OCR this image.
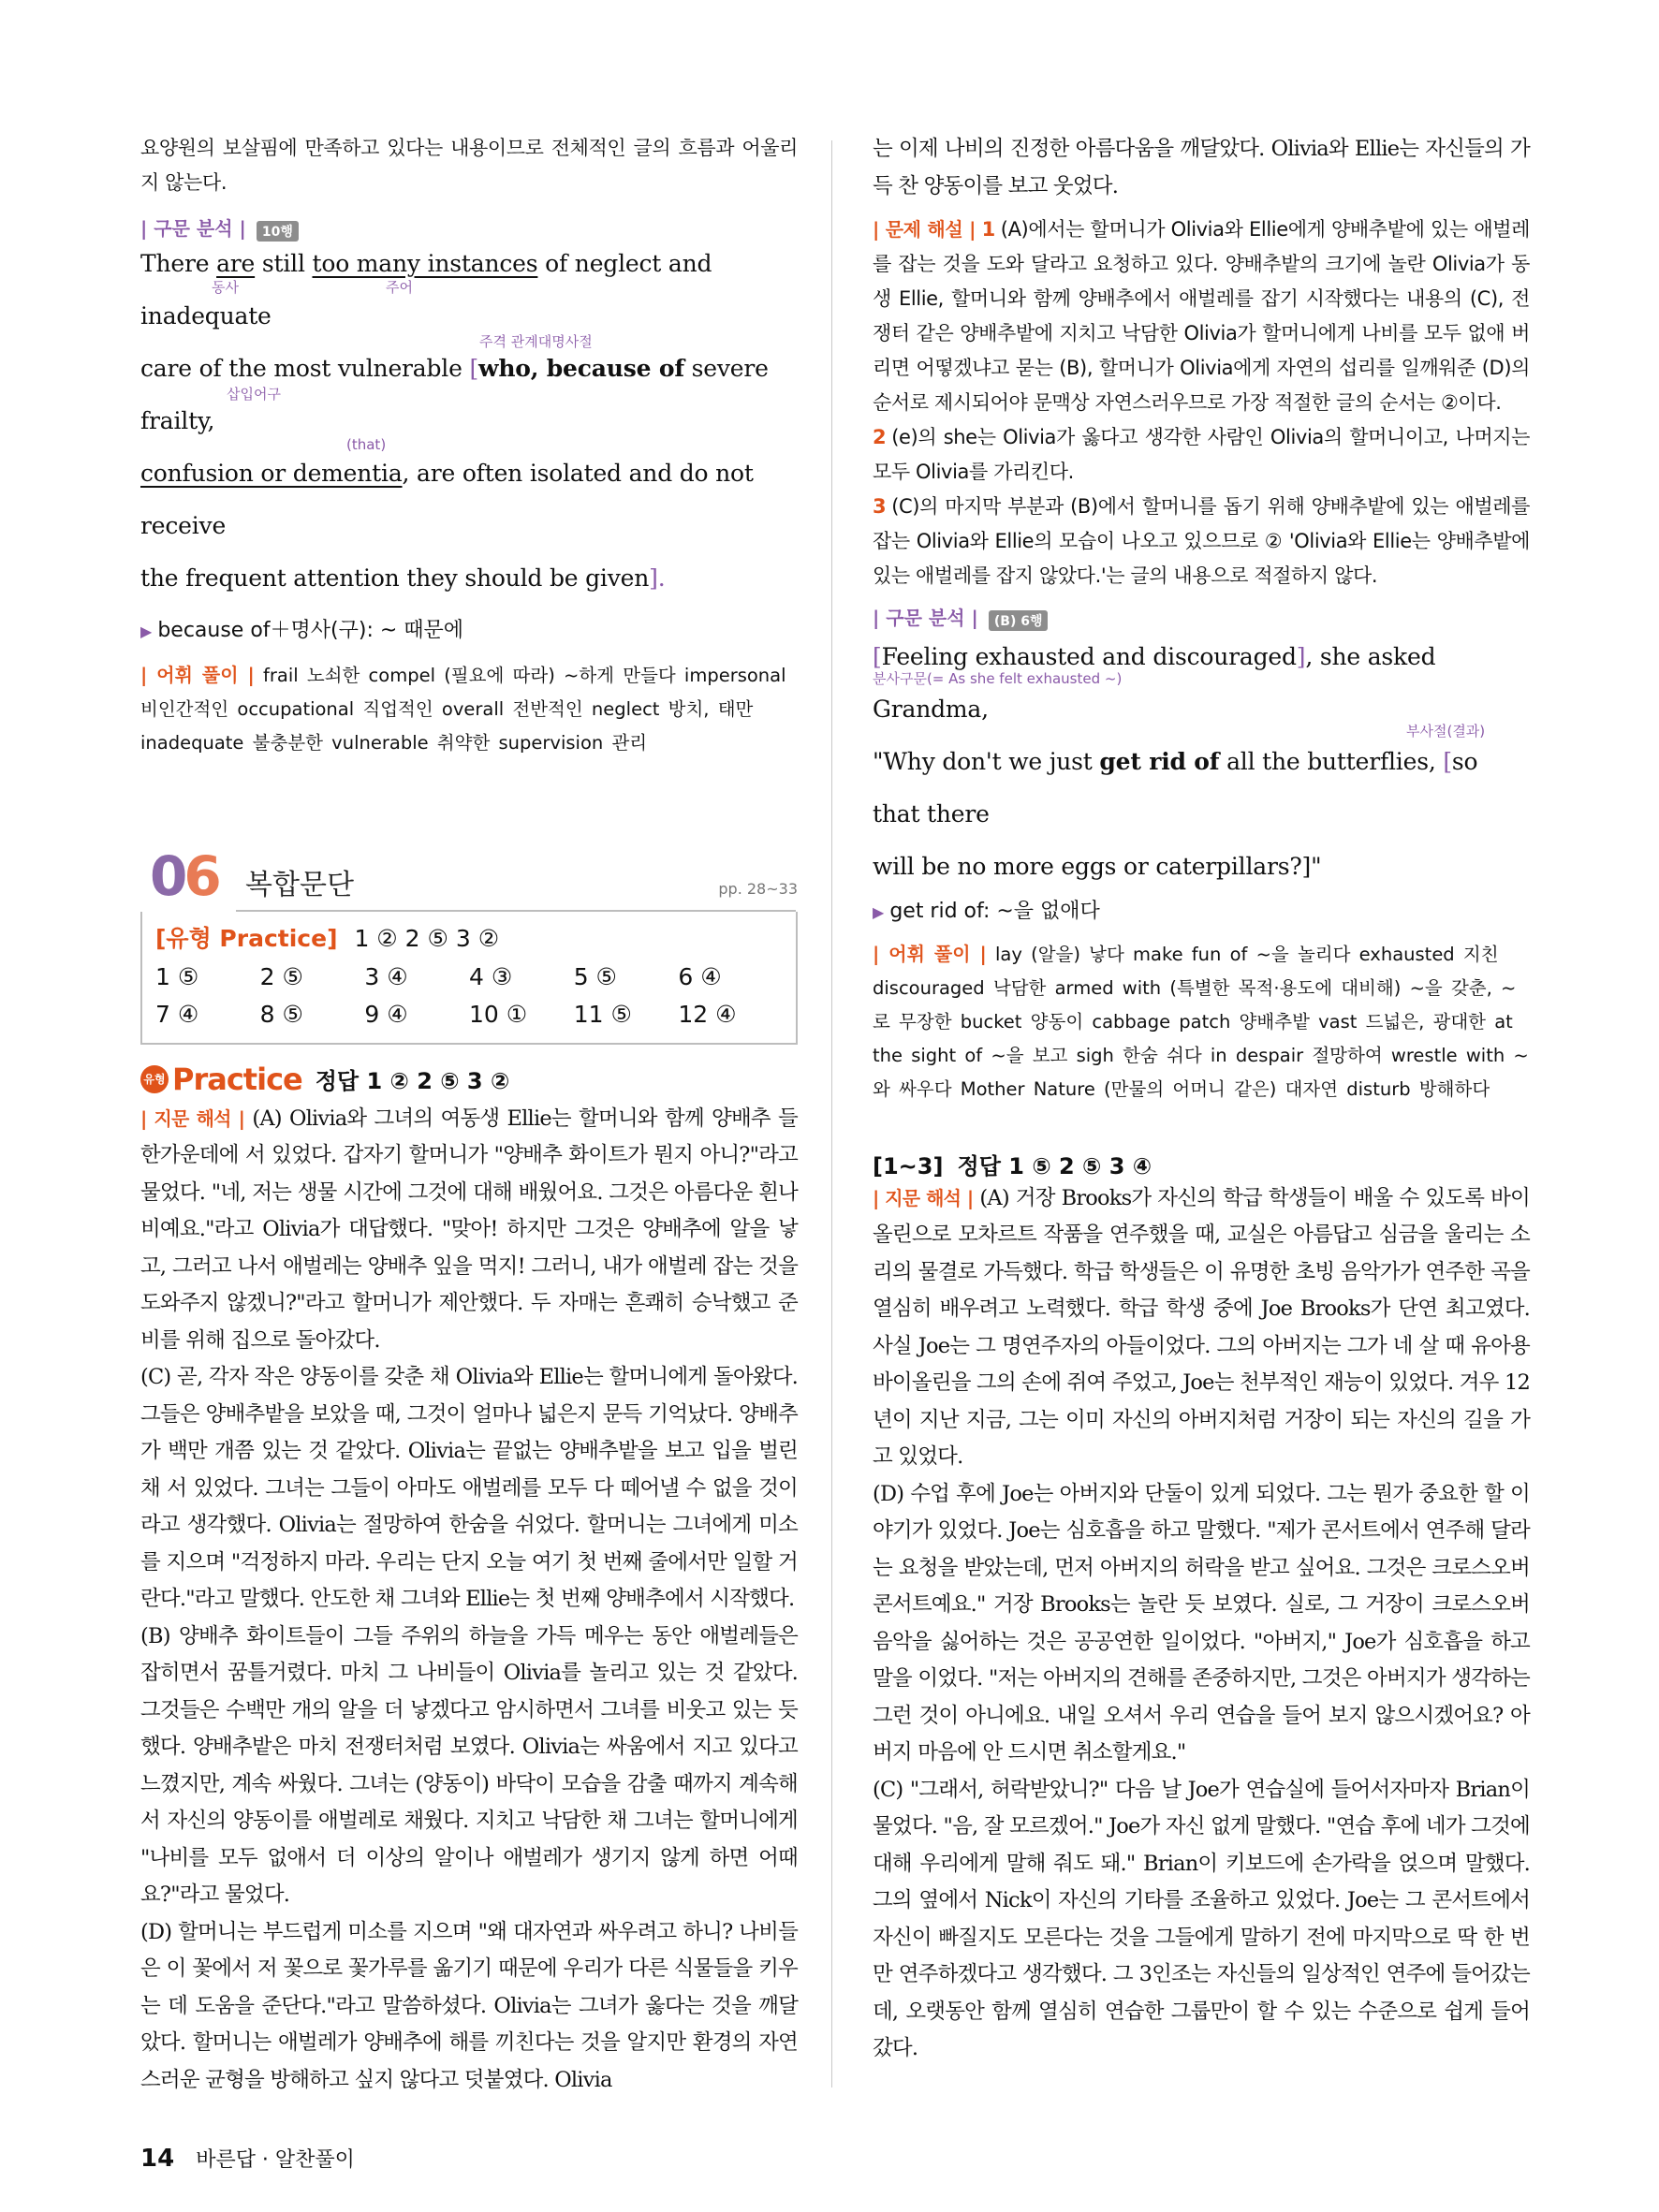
요양원의 보살핌에 만족하고 있다는 내용이므로 전체적인 글의 흐름과 어울리지 않는다.

| 구문 분석 | 10행

There are still too many instances of neglect and inadequate

동사	주어

care of the most vulnerable [who, because of severe frailty,

주격 관계대명사절

confusion or dementia, are often isolated and do not receive

삽입어구

the frequent attention they should be given].

(that)

▶ because of＋명사(구): ~ 때문에

| 어휘 풀이 | frail 노쇠한 compel (필요에 따라) ~하게 만들다 impersonal 비인간적인 occupational 직업적인 overall 전반적인 neglect 방치, 태만 inadequate 불충분한 vulnerable 취약한 supervision 관리

06 복합문단	pp. 28~33
[유형 Practice] 1 ② 2 ⑤ 3 ②
1 ⑤	2 ⑤	3 ④	4 ③	5 ⑤	6 ④
7 ④	8 ⑤	9 ④	10 ①	11 ⑤	12 ④
유형 Practice 정답 1 ② 2 ⑤ 3 ②

| 지문 해석 | (A) Olivia와 그녀의 여동생 Ellie는 할머니와 함께 양배추 들 한가운데에 서 있었다. 갑자기 할머니가 "양배추 화이트가 뭔지 아니?"라고 물었다. "네, 저는 생물 시간에 그것에 대해 배웠어요. 그것은 아름다운 흰나비예요."라고 Olivia가 대답했다. "맞아! 하지만 그것은 양배추에 알을 낳고, 그러고 나서 애벌레는 양배추 잎을 먹지! 그러니, 내가 애벌레 잡는 것을 도와주지 않겠니?"라고 할머니가 제안했다. 두 자매는 흔쾌히 승낙했고 준비를 위해 집으로 돌아갔다.

(C) 곧, 각자 작은 양동이를 갖춘 채 Olivia와 Ellie는 할머니에게 돌아왔다. 그들은 양배추밭을 보았을 때, 그것이 얼마나 넓은지 문득 기억났다. 양배추가 백만 개쯤 있는 것 같았다. Olivia는 끝없는 양배추밭을 보고 입을 벌린 채 서 있었다. 그녀는 그들이 아마도 애벌레를 모두 다 떼어낼 수 없을 것이라고 생각했다. Olivia는 절망하여 한숨을 쉬었다. 할머니는 그녀에게 미소를 지으며 "걱정하지 마라. 우리는 단지 오늘 여기 첫 번째 줄에서만 일할 거란다."라고 말했다. 안도한 채 그녀와 Ellie는 첫 번째 양배추에서 시작했다.

(B) 양배추 화이트들이 그들 주위의 하늘을 가득 메우는 동안 애벌레들은 잡히면서 꿈틀거렸다. 마치 그 나비들이 Olivia를 놀리고 있는 것 같았다. 그것들은 수백만 개의 알을 더 낳겠다고 암시하면서 그녀를 비웃고 있는 듯했다. 양배추밭은 마치 전쟁터처럼 보였다. Olivia는 싸움에서 지고 있다고 느꼈지만, 계속 싸웠다. 그녀는 (양동이) 바닥이 모습을 감출 때까지 계속해서 자신의 양동이를 애벌레로 채웠다. 지치고 낙담한 채 그녀는 할머니에게 "나비를 모두 없애서 더 이상의 알이나 애벌레가 생기지 않게 하면 어때요?"라고 물었다.

(D) 할머니는 부드럽게 미소를 지으며 "왜 대자연과 싸우려고 하니? 나비들은 이 꽃에서 저 꽃으로 꽃가루를 옮기기 때문에 우리가 다른 식물들을 키우는 데 도움을 준단다."라고 말씀하셨다. Olivia는 그녀가 옳다는 것을 깨달았다. 할머니는 애벌레가 양배추에 해를 끼친다는 것을 알지만 환경의 자연스러운 균형을 방해하고 싶지 않다고 덧붙였다. Olivia

는 이제 나비의 진정한 아름다움을 깨달았다. Olivia와 Ellie는 자신들의 가득 찬 양동이를 보고 웃었다.

| 문제 해설 | 1 (A)에서는 할머니가 Olivia와 Ellie에게 양배추밭에 있는 애벌레를 잡는 것을 도와 달라고 요청하고 있다. 양배추밭의 크기에 놀란 Olivia가 동생 Ellie, 할머니와 함께 양배추에서 애벌레를 잡기 시작했다는 내용의 (C), 전쟁터 같은 양배추밭에 지치고 낙담한 Olivia가 할머니에게 나비를 모두 없애 버리면 어떻겠냐고 묻는 (B), 할머니가 Olivia에게 자연의 섭리를 일깨워준 (D)의 순서로 제시되어야 문맥상 자연스러우므로 가장 적절한 글의 순서는 ②이다.

2 (e)의 she는 Olivia가 옳다고 생각한 사람인 Olivia의 할머니이고, 나머지는 모두 Olivia를 가리킨다.

3 (C)의 마지막 부분과 (B)에서 할머니를 돕기 위해 양배추밭에 있는 애벌레를 잡는 Olivia와 Ellie의 모습이 나오고 있으므로 ② 'Olivia와 Ellie는 양배추밭에 있는 애벌레를 잡지 않았다.'는 글의 내용으로 적절하지 않다.

| 구문 분석 | (B) 6행

[Feeling exhausted and discouraged], she asked Grandma,

분사구문(= As she felt exhausted ~)

"Why don't we just get rid of all the butterflies, [so that there

부사절(결과)

will be no more eggs or caterpillars?]"

▶ get rid of: ~을 없애다

| 어휘 풀이 | lay (알을) 낳다 make fun of ~을 놀리다 exhausted 지친 discouraged 낙담한 armed with (특별한 목적·용도에 대비해) ~을 갖춘, ~로 무장한 bucket 양동이 cabbage patch 양배추밭 vast 드넓은, 광대한 at the sight of ~을 보고 sigh 한숨 쉬다 in despair 절망하여 wrestle with ~와 싸우다 Mother Nature (만물의 어머니 같은) 대자연 disturb 방해하다

[1~3] 정답 1 ⑤ 2 ⑤ 3 ④

| 지문 해석 | (A) 거장 Brooks가 자신의 학급 학생들이 배울 수 있도록 바이올린으로 모차르트 작품을 연주했을 때, 교실은 아름답고 심금을 울리는 소리의 물결로 가득했다. 학급 학생들은 이 유명한 초빙 음악가가 연주한 곡을 열심히 배우려고 노력했다. 학급 학생 중에 Joe Brooks가 단연 최고였다. 사실 Joe는 그 명연주자의 아들이었다. 그의 아버지는 그가 네 살 때 유아용 바이올린을 그의 손에 쥐여 주었고, Joe는 천부적인 재능이 있었다. 겨우 12년이 지난 지금, 그는 이미 자신의 아버지처럼 거장이 되는 자신의 길을 가고 있었다.

(D) 수업 후에 Joe는 아버지와 단둘이 있게 되었다. 그는 뭔가 중요한 할 이야기가 있었다. Joe는 심호흡을 하고 말했다. "제가 콘서트에서 연주해 달라는 요청을 받았는데, 먼저 아버지의 허락을 받고 싶어요. 그것은 크로스오버 콘서트예요." 거장 Brooks는 놀란 듯 보였다. 실로, 그 거장이 크로스오버 음악을 싫어하는 것은 공공연한 일이었다. "아버지," Joe가 심호흡을 하고 말을 이었다. "저는 아버지의 견해를 존중하지만, 그것은 아버지가 생각하는 그런 것이 아니에요. 내일 오셔서 우리 연습을 들어 보지 않으시겠어요? 아버지 마음에 안 드시면 취소할게요."

(C) "그래서, 허락받았니?" 다음 날 Joe가 연습실에 들어서자마자 Brian이 물었다. "음, 잘 모르겠어." Joe가 자신 없게 말했다. "연습 후에 네가 그것에 대해 우리에게 말해 줘도 돼." Brian이 키보드에 손가락을 얹으며 말했다. 그의 옆에서 Nick이 자신의 기타를 조율하고 있었다. Joe는 그 콘서트에서 자신이 빠질지도 모른다는 것을 그들에게 말하기 전에 마지막으로 딱 한 번만 연주하겠다고 생각했다. 그 3인조는 자신들의 일상적인 연주에 들어갔는데, 오랫동안 함께 열심히 연습한 그룹만이 할 수 있는 수준으로 쉽게 들어갔다.

14 바른답 · 알찬풀이
